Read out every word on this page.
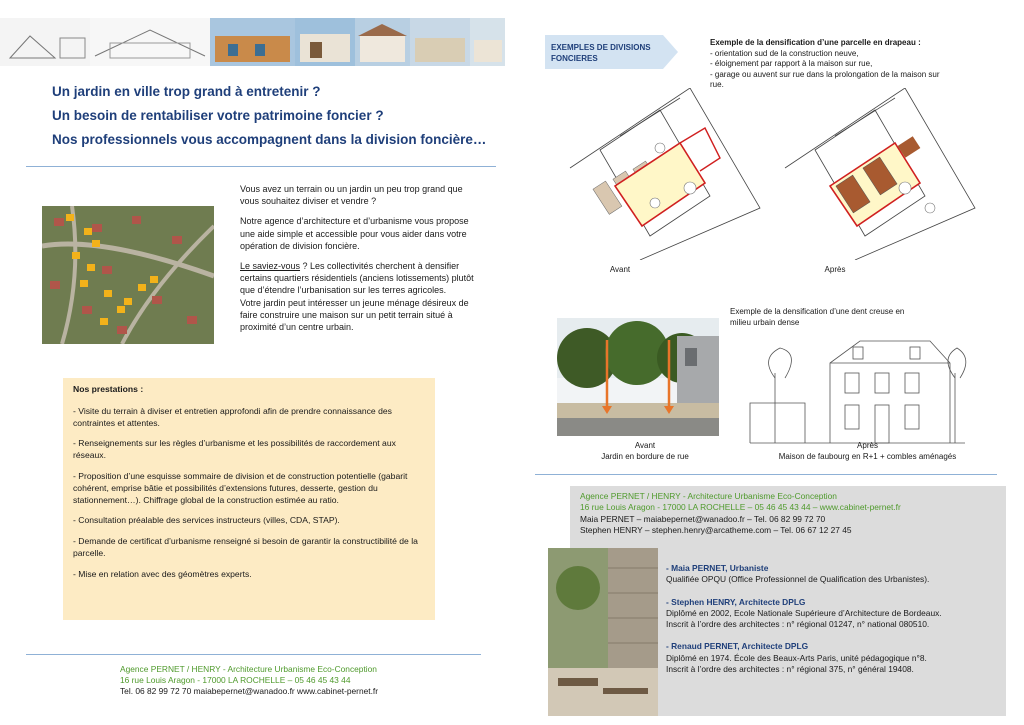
Un jardin en ville trop grand à entretenir ?
Un besoin de rentabiliser votre patrimoine foncier ?
Nos professionnels vous accompagnent dans la division foncière…

Vous avez un terrain ou un jardin un peu trop grand que vous souhaitez diviser et vendre ?

Notre agence d’architecture et d’urbanisme vous propose une aide simple et accessible pour vous aider dans votre opération de division foncière.

Le saviez-vous ? Les collectivités cherchent à densifier certains quartiers résidentiels (anciens lotissements) plutôt que d’étendre l’urbanisation sur les terres agricoles.
Votre jardin peut intéresser un jeune ménage désireux de faire construire une maison sur un petit terrain situé à proximité d’un centre urbain.

Nos prestations :

- Visite du terrain à diviser et entretien approfondi afin de prendre connaissance des contraintes et attentes.

- Renseignements sur les règles d’urbanisme et les possibilités de raccordement aux réseaux.

- Proposition d’une esquisse sommaire de division et de construction potentielle (gabarit cohérent, emprise bâtie et possibilités d’extensions futures, desserte, gestion du stationnement…). Chiffrage global de la construction estimée au ratio.

- Consultation préalable des services instructeurs (villes, CDA, STAP).

- Demande de certificat d’urbanisme renseigné si besoin de garantir la constructibilité de la parcelle.

- Mise en relation avec des géomètres experts.

Agence PERNET / HENRY - Architecture Urbanisme Eco-Conception
16 rue Louis Aragon - 17000 LA ROCHELLE – 05 46 45 43 44
Tel. 06 82 99 72 70 maiabepernet@wanadoo.fr www.cabinet-pernet.fr
EXEMPLES DE DIVISIONS FONCIERES
Exemple de la densification d’une parcelle en drapeau :
- orientation sud de la construction neuve,
- éloignement par rapport à la maison sur rue,
- garage ou auvent sur rue dans la prolongation de la maison sur rue.
Avant	Après
Exemple de la densification d’une dent creuse en milieu urbain dense
Avant
Jardin en bordure de rue
Après
Maison de faubourg en R+1 + combles aménagés
Agence PERNET / HENRY - Architecture Urbanisme Eco-Conception
16 rue Louis Aragon - 17000 LA ROCHELLE – 05 46 45 43 44 – www.cabinet-pernet.fr
Maia PERNET – maiabepernet@wanadoo.fr – Tel. 06 82 99 72 70
Stephen HENRY – stephen.henry@arcatheme.com – Tel. 06 67 12 27 45

- Maia PERNET, Urbaniste
Qualifiée OPQU (Office Professionnel de Qualification des Urbanistes).

- Stephen HENRY, Architecte DPLG
Diplômé en 2002, Ecole Nationale Supérieure d’Architecture de Bordeaux.
Inscrit à l’ordre des architectes : n° régional 01247, n° national 080510.

- Renaud PERNET, Architecte DPLG
Diplômé en 1974. École des Beaux-Arts Paris, unité pédagogique n°8.
Inscrit à l’ordre des architectes : n° régional 375, n° général 19408.
